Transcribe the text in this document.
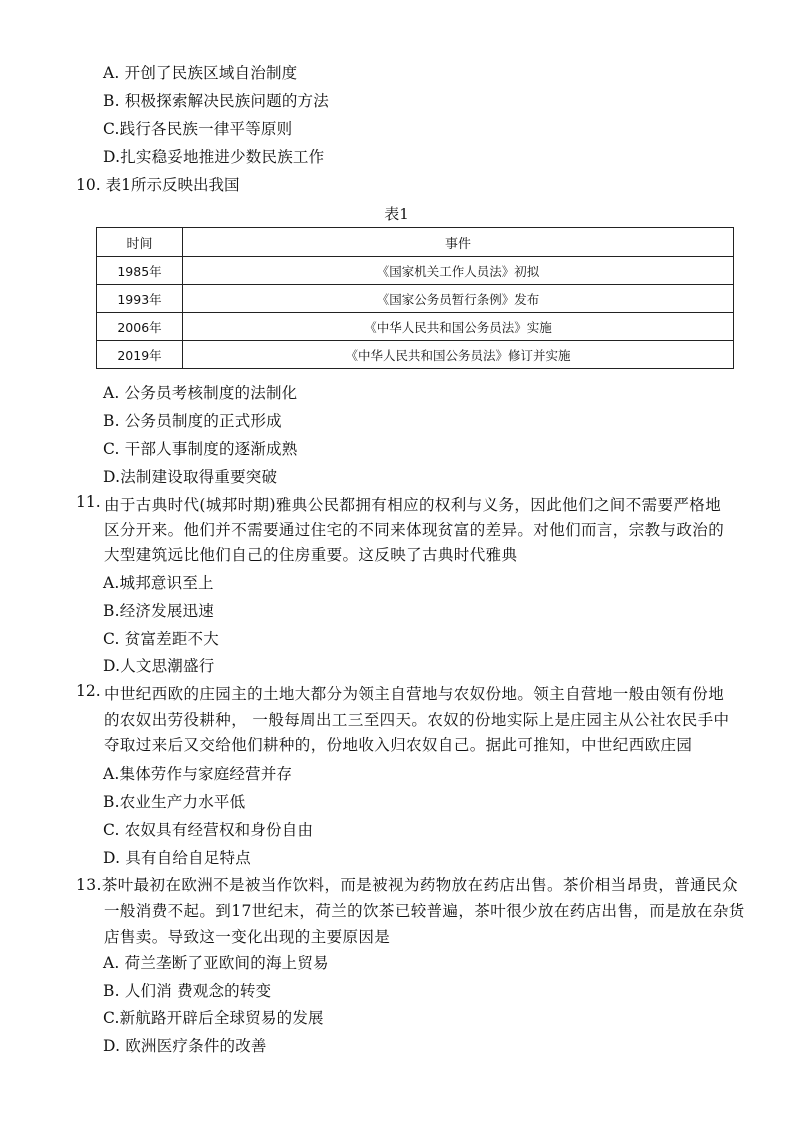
A. 开创了民族区域自治制度
B. 积极探索解决民族问题的方法
C.践行各民族一律平等原则
D.扎实稳妥地推进少数民族工作
10. 表1所示反映出我国
表1
时间	事件
1985年	《国家机关工作人员法》初拟
1993年	《国家公务员暂行条例》发布
2006年	《中华人民共和国公务员法》实施
2019年	《中华人民共和国公务员法》修订并实施
A. 公务员考核制度的法制化
B. 公务员制度的正式形成
C. 干部人事制度的逐渐成熟
D.法制建设取得重要突破
11. 由于古典时代(城邦时期)雅典公民都拥有相应的权利与义务，因此他们之间不需要严格地
区分开来。他们并不需要通过住宅的不同来体现贫富的差异。对他们而言，宗教与政治的
大型建筑远比他们自己的住房重要。这反映了古典时代雅典
A.城邦意识至上
B.经济发展迅速
C. 贫富差距不大
D.人文思潮盛行
12. 中世纪西欧的庄园主的土地大都分为领主自营地与农奴份地。领主自营地一般由领有份地
的农奴出劳役耕种， 一般每周出工三至四天。农奴的份地实际上是庄园主从公社农民手中
夺取过来后又交给他们耕种的，份地收入归农奴自己。据此可推知，中世纪西欧庄园
A.集体劳作与家庭经营并存
B.农业生产力水平低
C. 农奴具有经营权和身份自由
D. 具有自给自足特点
13.茶叶最初在欧洲不是被当作饮料，而是被视为药物放在药店出售。茶价相当昂贵，普通民众
一般消费不起。到17世纪末，荷兰的饮茶已较普遍，茶叶很少放在药店出售，而是放在杂货
店售卖。导致这一变化出现的主要原因是
A. 荷兰垄断了亚欧间的海上贸易
B. 人们消 费观念的转变
C.新航路开辟后全球贸易的发展
D. 欧洲医疗条件的改善
